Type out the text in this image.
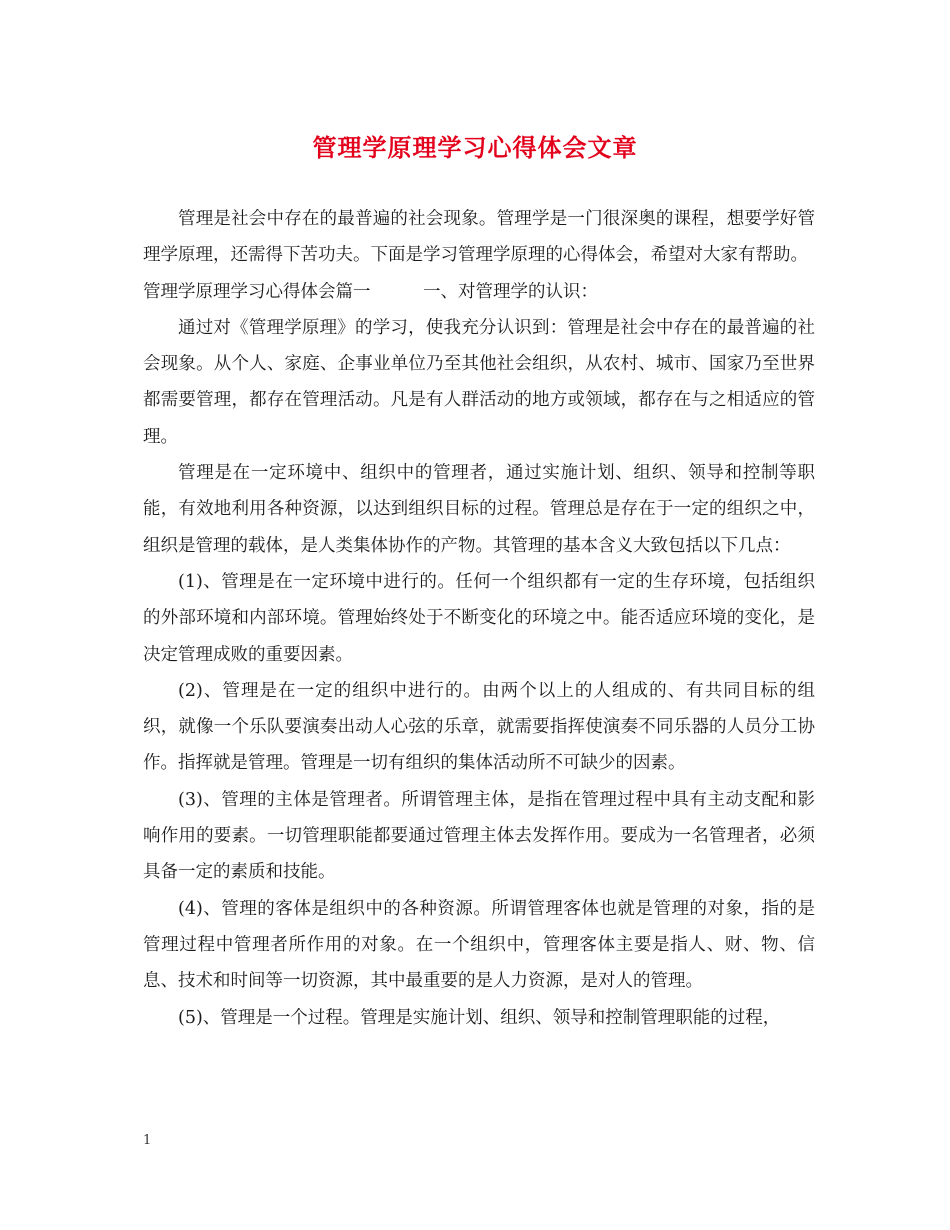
管理学原理学习心得体会文章

管理是社会中存在的最普遍的社会现象。管理学是一门很深奥的课程，想要学好管理学原理，还需得下苦功夫。下面是学习管理学原理的心得体会，希望对大家有帮助。

管理学原理学习心得体会篇一　　　一、对管理学的认识：

通过对《管理学原理》的学习，使我充分认识到：管理是社会中存在的最普遍的社会现象。从个人、家庭、企事业单位乃至其他社会组织，从农村、城市、国家乃至世界都需要管理，都存在管理活动。凡是有人群活动的地方或领域，都存在与之相适应的管理。

管理是在一定环境中、组织中的管理者，通过实施计划、组织、领导和控制等职能，有效地利用各种资源，以达到组织目标的过程。管理总是存在于一定的组织之中，组织是管理的载体，是人类集体协作的产物。其管理的基本含义大致包括以下几点：

(1)、管理是在一定环境中进行的。任何一个组织都有一定的生存环境，包括组织的外部环境和内部环境。管理始终处于不断变化的环境之中。能否适应环境的变化，是决定管理成败的重要因素。

(2)、管理是在一定的组织中进行的。由两个以上的人组成的、有共同目标的组织，就像一个乐队要演奏出动人心弦的乐章，就需要指挥使演奏不同乐器的人员分工协作。指挥就是管理。管理是一切有组织的集体活动所不可缺少的因素。

(3)、管理的主体是管理者。所谓管理主体，是指在管理过程中具有主动支配和影响作用的要素。一切管理职能都要通过管理主体去发挥作用。要成为一名管理者，必须具备一定的素质和技能。

(4)、管理的客体是组织中的各种资源。所谓管理客体也就是管理的对象，指的是管理过程中管理者所作用的对象。在一个组织中，管理客体主要是指人、财、物、信息、技术和时间等一切资源，其中最重要的是人力资源，是对人的管理。

(5)、管理是一个过程。管理是实施计划、组织、领导和控制管理职能的过程，

1
